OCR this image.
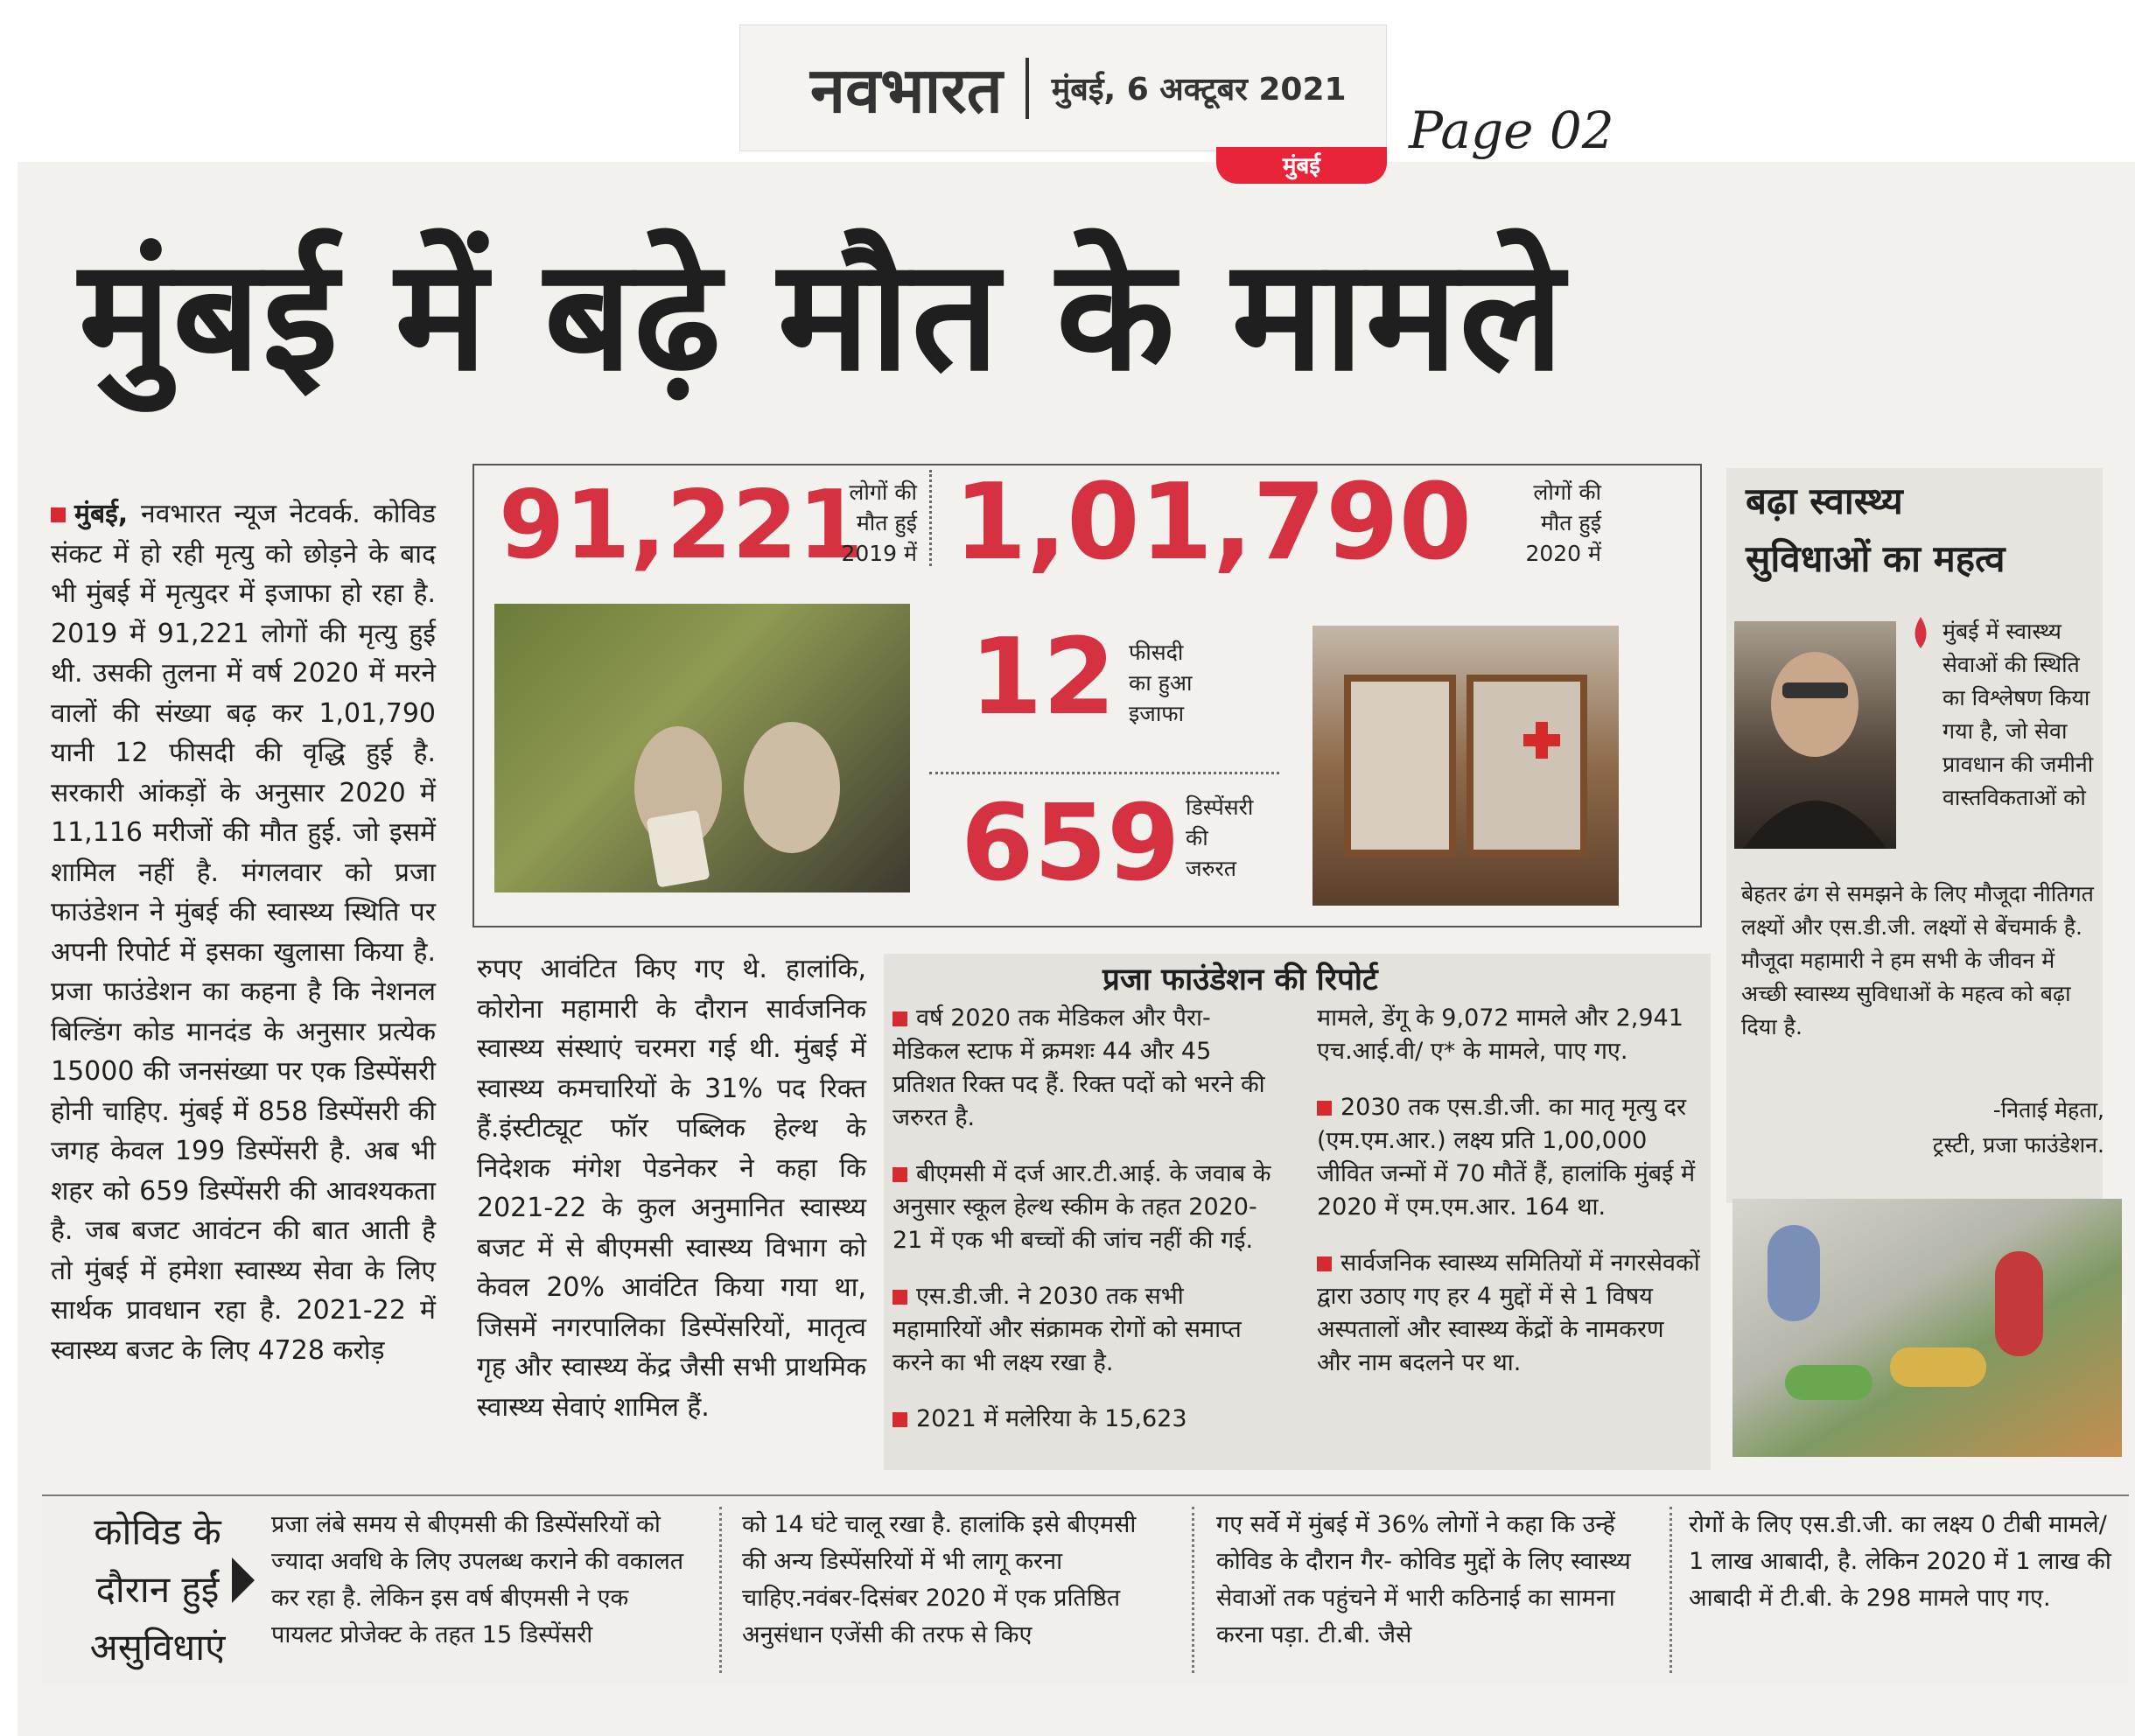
नवभारत मुंबई, 6 अक्टूबर 2021
Page 02
मुंबई
मुंबई में बढ़े मौत के मामले
मुंबई, नवभारत न्यूज नेटवर्क. कोविड संकट में हो रही मृत्यु को छोड़ने के बाद भी मुंबई में मृत्युदर में इजाफा हो रहा है. 2019 में 91,221 लोगों की मृत्यु हुई थी. उसकी तुलना में वर्ष 2020 में मरने वालों की संख्या बढ़ कर 1,01,790 यानी 12 फीसदी की वृद्धि हुई है. सरकारी आंकड़ों के अनुसार 2020 में 11,116 मरीजों की मौत हुई. जो इसमें शामिल नहीं है. मंगलवार को प्रजा फाउंडेशन ने मुंबई की स्वास्थ्य स्थिति पर अपनी रिपोर्ट में इसका खुलासा किया है. प्रजा फाउंडेशन का कहना है कि नेशनल बिल्डिंग कोड मानदंड के अनुसार प्रत्येक 15000 की जनसंख्या पर एक डिस्पेंसरी होनी चाहिए. मुंबई में 858 डिस्पेंसरी की जगह केवल 199 डिस्पेंसरी है. अब भी शहर को 659 डिस्पेंसरी की आवश्यकता है. जब बजट आवंटन की बात आती है तो मुंबई में हमेशा स्वास्थ्य सेवा के लिए सार्थक प्रावधान रहा है. 2021-22 में स्वास्थ्य बजट के लिए 4728 करोड़
91,221
लोगों की
मौत हुई
2019 में 1,01,790	लोगों की
मौत हुई
2020 में
12 फीसदी
का हुआ
इजाफा
659 डिस्पेंसरी
की
जरुरत
बढ़ा स्वास्थ्य
सुविधाओं का महत्व
मुंबई में स्वास्थ्य सेवाओं की स्थिति का विश्लेषण किया गया है, जो सेवा प्रावधान की जमीनी वास्तविकताओं को
बेहतर ढंग से समझने के लिए मौजूदा नीतिगत लक्ष्यों और एस.डी.जी. लक्ष्यों से बेंचमार्क है. मौजूदा महामारी ने हम सभी के जीवन में अच्छी स्वास्थ्य सुविधाओं के महत्व को बढ़ा दिया है.
-निताई मेहता,
ट्रस्टी, प्रजा फाउंडेशन.
रुपए आवंटित किए गए थे. हालांकि, कोरोना महामारी के दौरान सार्वजनिक स्वास्थ्य संस्थाएं चरमरा गई थी. मुंबई में स्वास्थ्य कमचारियों के 31% पद रिक्त हैं.इंस्टीट्यूट फॉर पब्लिक हेल्थ के निदेशक मंगेश पेडनेकर ने कहा कि 2021-22 के कुल अनुमानित स्वास्थ्य बजट में से बीएमसी स्वास्थ्य विभाग को केवल 20% आवंटित किया गया था, जिसमें नगरपालिका डिस्पेंसरियों, मातृत्व गृह और स्वास्थ्य केंद्र जैसी सभी प्राथमिक स्वास्थ्य सेवाएं शामिल हैं.
प्रजा फाउंडेशन की रिपोर्ट
वर्ष 2020 तक मेडिकल और पैरा-मेडिकल स्टाफ में क्रमशः 44 और 45 प्रतिशत रिक्त पद हैं. रिक्त पदों को भरने की जरुरत है.
बीएमसी में दर्ज आर.टी.आई. के जवाब के अनुसार स्कूल हेल्थ स्कीम के तहत 2020-21 में एक भी बच्चों की जांच नहीं की गई.
एस.डी.जी. ने 2030 तक सभी महामारियों और संक्रामक रोगों को समाप्त करने का भी लक्ष्य रखा है.
2021 में मलेरिया के 15,623
मामले, डेंगू के 9,072 मामले और 2,941 एच.आई.वी/ ए* के मामले, पाए गए.
2030 तक एस.डी.जी. का मातृ मृत्यु दर (एम.एम.आर.) लक्ष्य प्रति 1,00,000 जीवित जन्मों में 70 मौतें हैं, हालांकि मुंबई में 2020 में एम.एम.आर. 164 था.
सार्वजनिक स्वास्थ्य समितियों में नगरसेवकों द्वारा उठाए गए हर 4 मुद्दों में से 1 विषय अस्पतालों और स्वास्थ्य केंद्रों के नामकरण और नाम बदलने पर था.
कोविड के
दौरान हुईं
असुविधाएं
प्रजा लंबे समय से बीएमसी की डिस्पेंसरियों को ज्यादा अवधि के लिए उपलब्ध कराने की वकालत कर रहा है. लेकिन इस वर्ष बीएमसी ने एक पायलट प्रोजेक्ट के तहत 15 डिस्पेंसरी
को 14 घंटे चालू रखा है. हालांकि इसे बीएमसी की अन्य डिस्पेंसरियों में भी लागू करना चाहिए.नवंबर-दिसंबर 2020 में एक प्रतिष्ठित अनुसंधान एजेंसी की तरफ से किए
गए सर्वे में मुंबई में 36% लोगों ने कहा कि उन्हें कोविड के दौरान गैर- कोविड मुद्दों के लिए स्वास्थ्य सेवाओं तक पहुंचने में भारी कठिनाई का सामना करना पड़ा. टी.बी. जैसे
रोगों के लिए एस.डी.जी. का लक्ष्य 0 टीबी मामले/ 1 लाख आबादी, है. लेकिन 2020 में 1 लाख की आबादी में टी.बी. के 298 मामले पाए गए.
